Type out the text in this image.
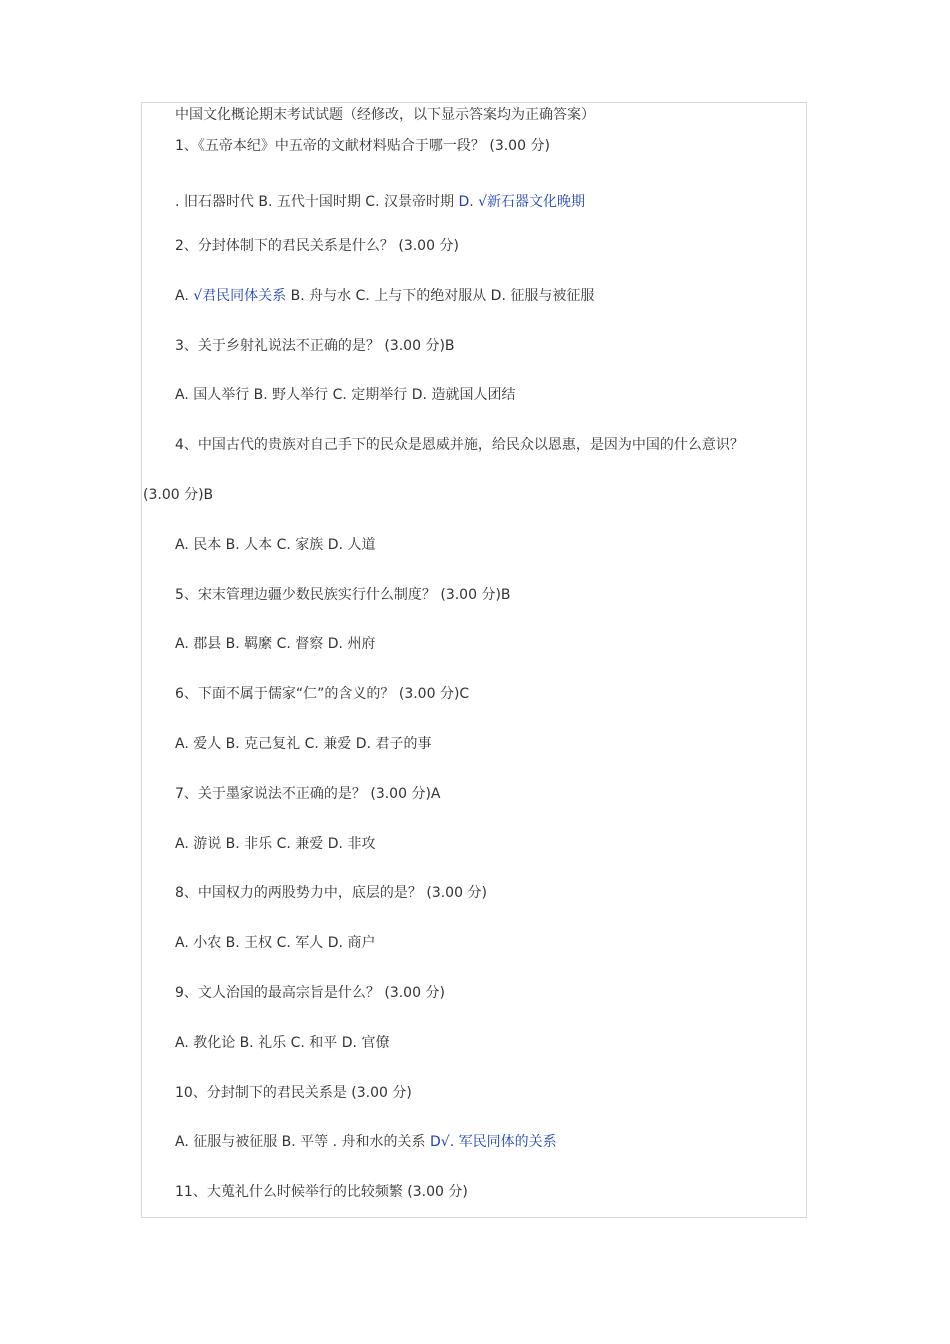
中国文化概论期末考试试题（经修改，以下显示答案均为正确答案）
1、《五帝本纪》中五帝的文献材料贴合于哪一段？ (3.00 分)
. 旧石器时代 B. 五代十国时期 C. 汉景帝时期 D. √新石器文化晚期
2、分封体制下的君民关系是什么？ (3.00 分)
A. √君民同体关系 B. 舟与水 C. 上与下的绝对服从 D. 征服与被征服
3、关于乡射礼说法不正确的是？ (3.00 分)B
A. 国人举行 B. 野人举行 C. 定期举行 D. 造就国人团结
4、中国古代的贵族对自己手下的民众是恩威并施，给民众以恩惠，是因为中国的什么意识？
(3.00 分)B
A. 民本 B. 人本 C. 家族 D. 人道
5、宋末管理边疆少数民族实行什么制度？ (3.00 分)B
A. 郡县 B. 羁縻 C. 督察 D. 州府
6、下面不属于儒家“仁”的含义的？ (3.00 分)C
A. 爱人 B. 克己复礼 C. 兼爱 D. 君子的事
7、关于墨家说法不正确的是？ (3.00 分)A
A. 游说 B. 非乐 C. 兼爱 D. 非攻
8、中国权力的两股势力中，底层的是？ (3.00 分)
A. 小农 B. 王权 C. 军人 D. 商户
9、文人治国的最高宗旨是什么？ (3.00 分)
A. 教化论 B. 礼乐 C. 和平 D. 官僚
10、分封制下的君民关系是 (3.00 分)
A. 征服与被征服 B. 平等 . 舟和水的关系 D√. 军民同体的关系
11、大蒐礼什么时候举行的比较频繁 (3.00 分)
